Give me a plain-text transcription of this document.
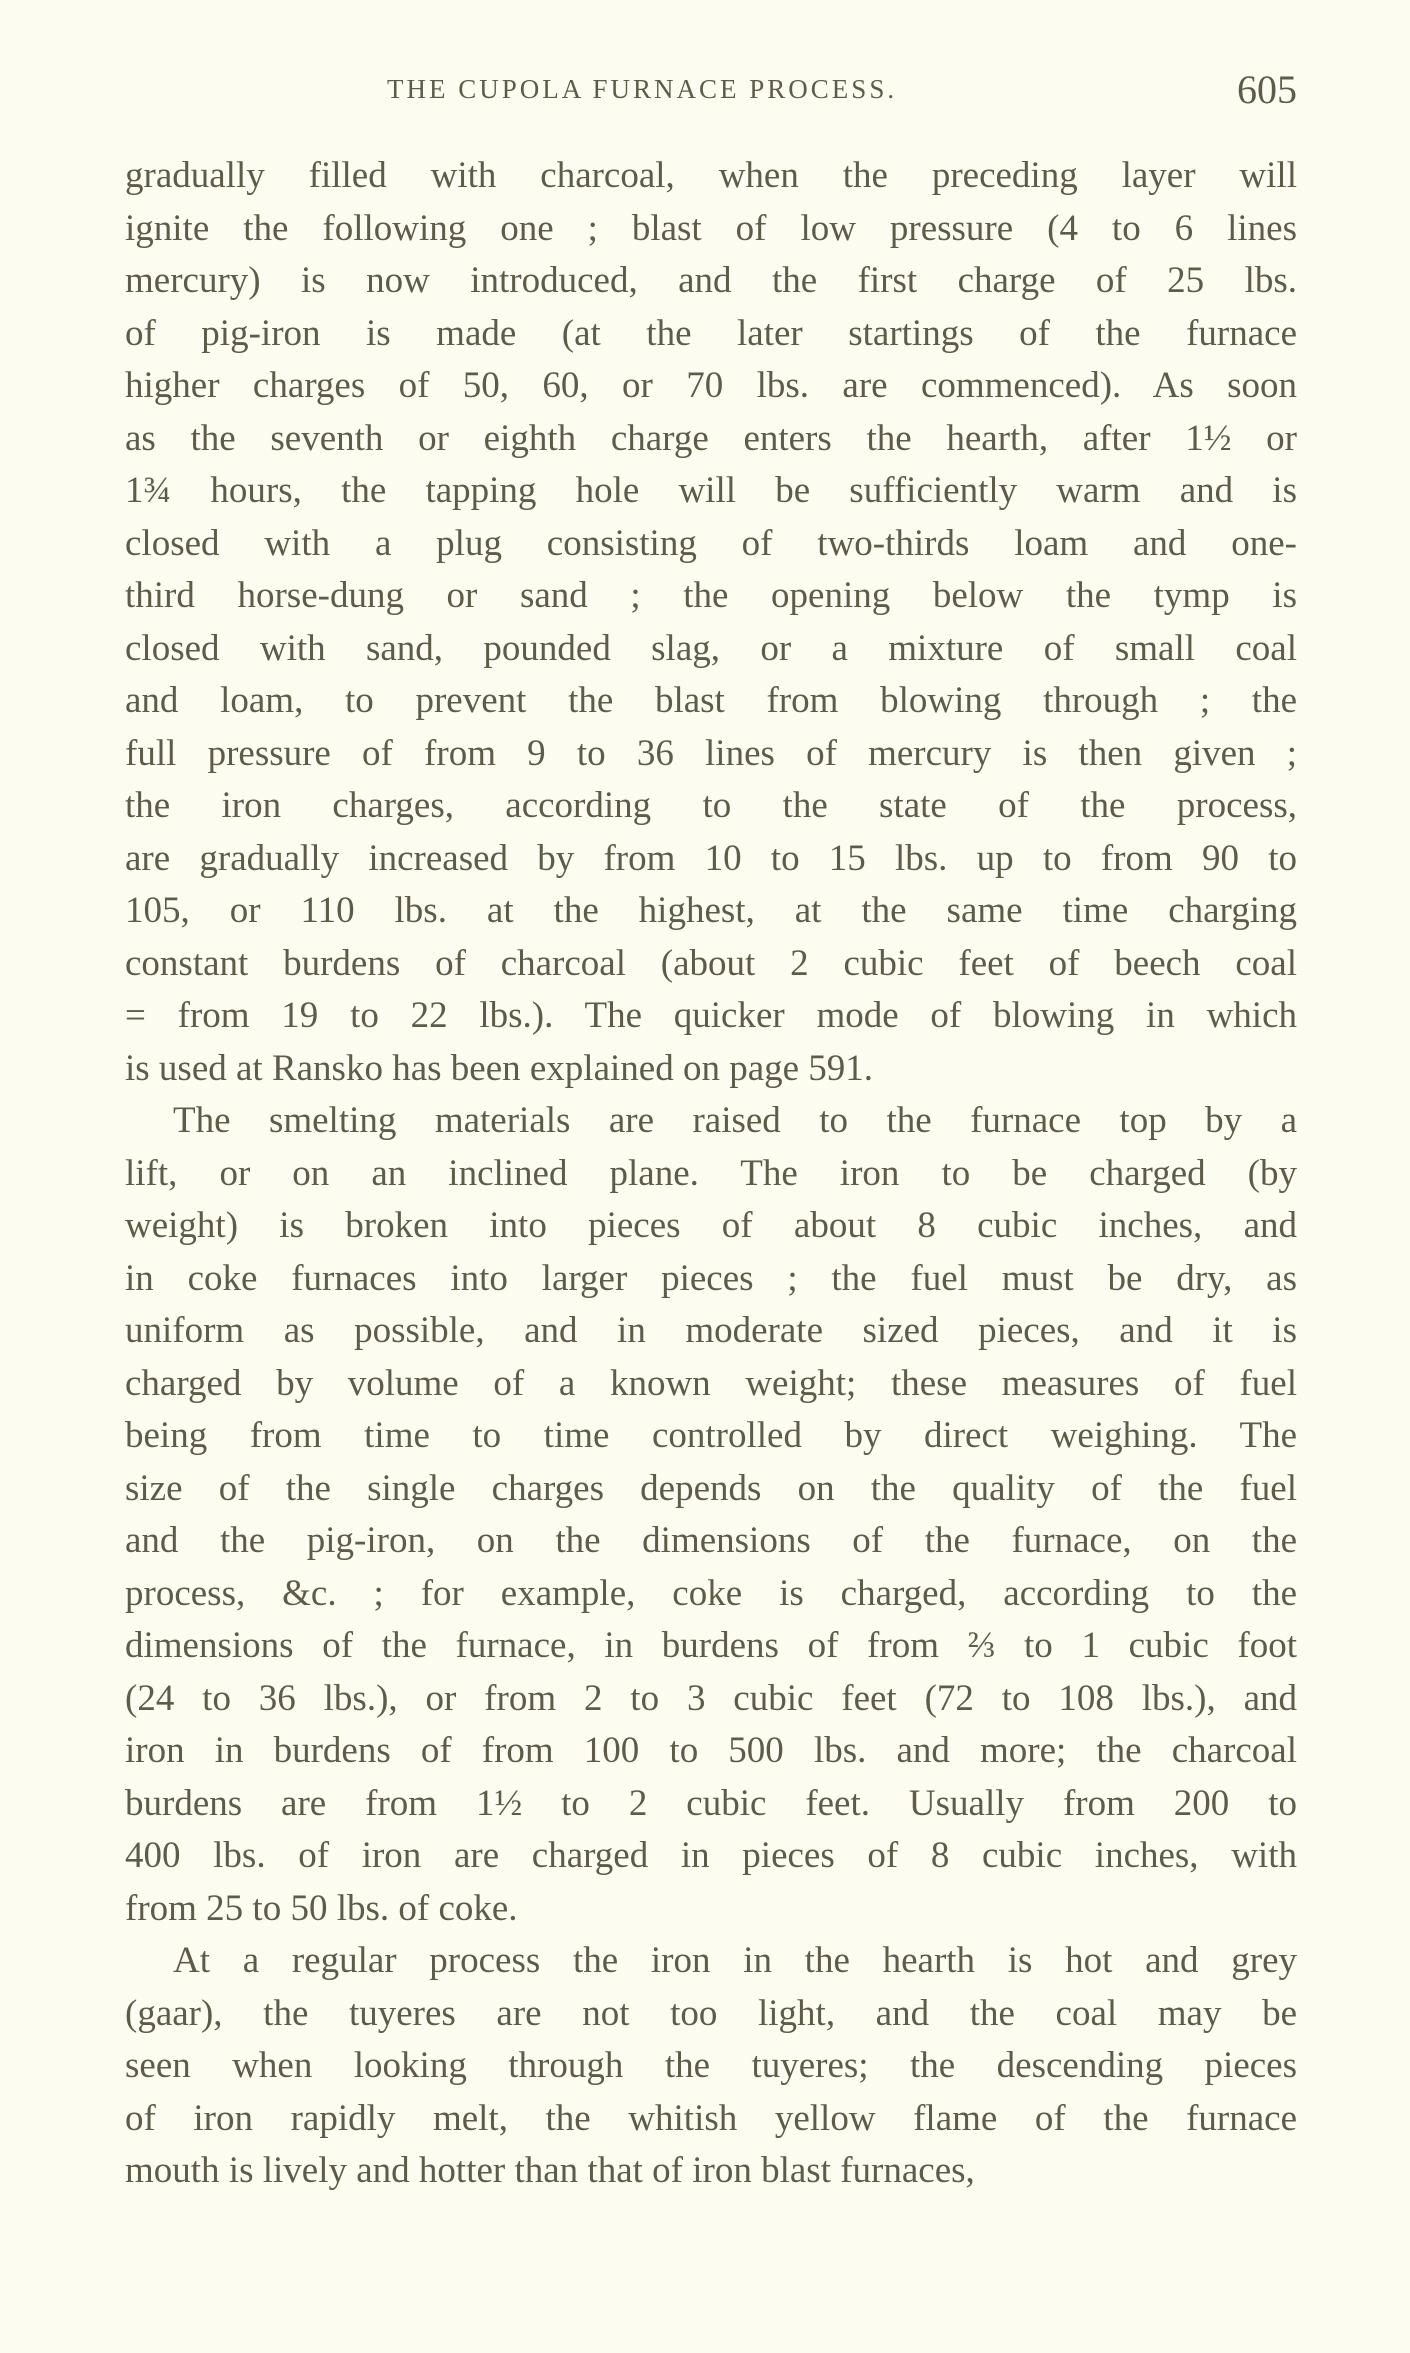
THE CUPOLA FURNACE PROCESS.	605
gradually filled with charcoal, when the preceding layer will
ignite the following one ; blast of low pressure (4 to 6 lines
mercury) is now introduced, and the first charge of 25 lbs.
of pig-iron is made (at the later startings of the furnace
higher charges of 50, 60, or 70 lbs. are commenced). As soon
as the seventh or eighth charge enters the hearth, after 1½ or
1¾ hours, the tapping hole will be sufficiently warm and is
closed with a plug consisting of two-thirds loam and one-
third horse-dung or sand ; the opening below the tymp is
closed with sand, pounded slag, or a mixture of small coal
and loam, to prevent the blast from blowing through ; the
full pressure of from 9 to 36 lines of mercury is then given ;
the iron charges, according to the state of the process,
are gradually increased by from 10 to 15 lbs. up to from 90 to
105, or 110 lbs. at the highest, at the same time charging
constant burdens of charcoal (about 2 cubic feet of beech coal
= from 19 to 22 lbs.). The quicker mode of blowing in which
is used at Ransko has been explained on page 591.
The smelting materials are raised to the furnace top by a
lift, or on an inclined plane. The iron to be charged (by
weight) is broken into pieces of about 8 cubic inches, and
in coke furnaces into larger pieces ; the fuel must be dry, as
uniform as possible, and in moderate sized pieces, and it is
charged by volume of a known weight; these measures of fuel
being from time to time controlled by direct weighing. The
size of the single charges depends on the quality of the fuel
and the pig-iron, on the dimensions of the furnace, on the
process, &c. ; for example, coke is charged, according to the
dimensions of the furnace, in burdens of from ⅔ to 1 cubic foot
(24 to 36 lbs.), or from 2 to 3 cubic feet (72 to 108 lbs.), and
iron in burdens of from 100 to 500 lbs. and more; the charcoal
burdens are from 1½ to 2 cubic feet. Usually from 200 to
400 lbs. of iron are charged in pieces of 8 cubic inches, with
from 25 to 50 lbs. of coke.
At a regular process the iron in the hearth is hot and grey
(gaar), the tuyeres are not too light, and the coal may be
seen when looking through the tuyeres; the descending pieces
of iron rapidly melt, the whitish yellow flame of the furnace
mouth is lively and hotter than that of iron blast furnaces,
